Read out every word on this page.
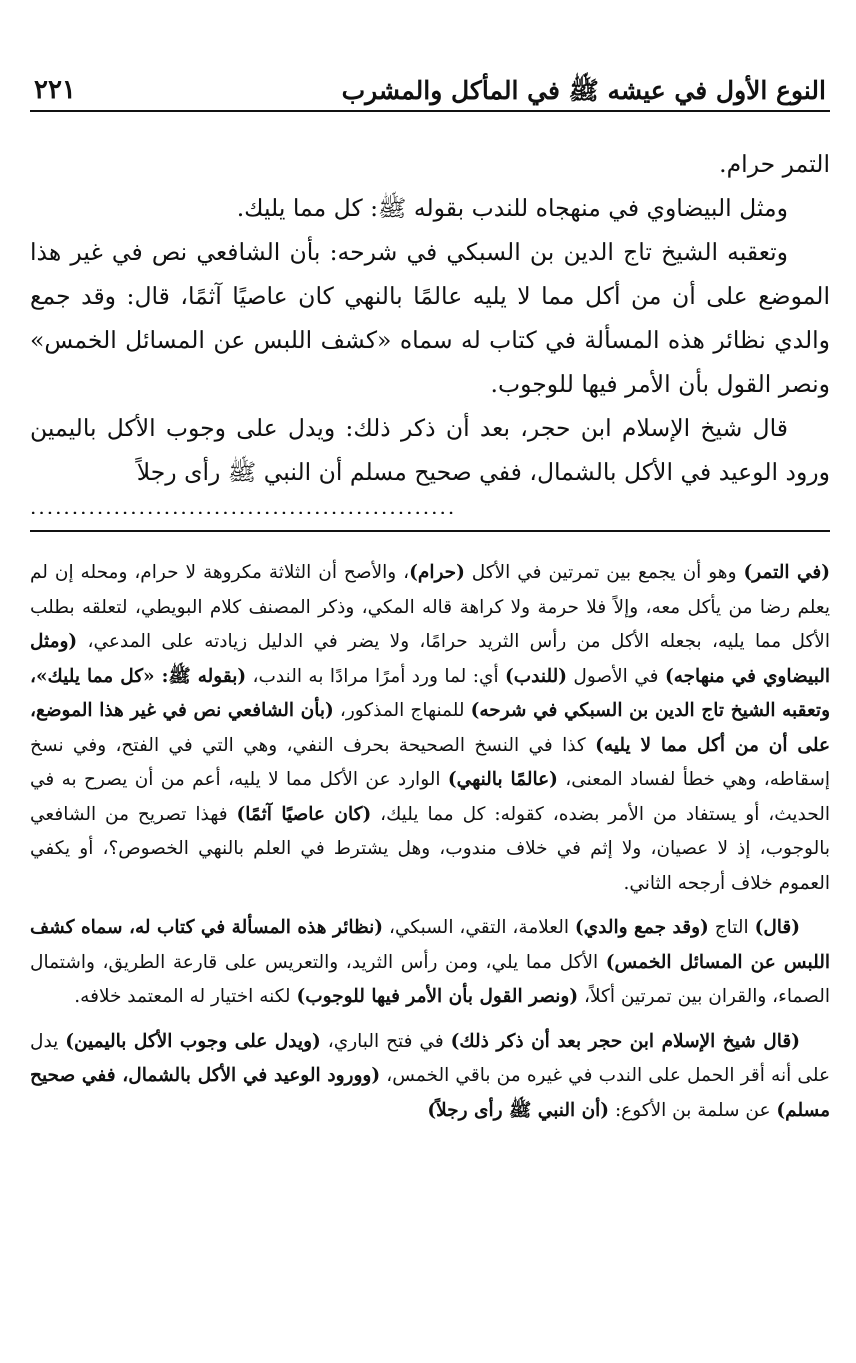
النوع الأول في عيشه ﷺ في المأكل والمشرب
٢٢١

التمر حرام.

ومثل البيضاوي في منهجاه للندب بقوله ﷺ: كل مما يليك.

وتعقبه الشيخ تاج الدين بن السبكي في شرحه: بأن الشافعي نص في غير هذا الموضع على أن من أكل مما لا يليه عالمًا بالنهي كان عاصيًا آثمًا، قال: وقد جمع والدي نظائر هذه المسألة في كتاب له سماه «كشف اللبس عن المسائل الخمس» ونصر القول بأن الأمر فيها للوجوب.

قال شيخ الإسلام ابن حجر، بعد أن ذكر ذلك: ويدل على وجوب الأكل باليمين ورود الوعيد في الأكل بالشمال، ففي صحيح مسلم أن النبي ﷺ رأى رجلاً

...................................................

(في التمر) وهو أن يجمع بين تمرتين في الأكل (حرام)، والأصح أن الثلاثة مكروهة لا حرام، ومحله إن لم يعلم رضا من يأكل معه، وإلاً فلا حرمة ولا كراهة قاله المكي، وذكر المصنف كلام البويطي، لتعلقه بطلب الأكل مما يليه، بجعله الأكل من رأس الثريد حرامًا، ولا يضر في الدليل زيادته على المدعي، (ومثل البيضاوي في منهاجه) في الأصول (للندب) أي: لما ورد أمرًا مرادًا به الندب، (بقوله ﷺ: «كل مما يليك»، وتعقبه الشيخ تاج الدين بن السبكي في شرحه) للمنهاج المذكور، (بأن الشافعي نص في غير هذا الموضع، على أن من أكل مما لا يليه) كذا في النسخ الصحيحة بحرف النفي، وهي التي في الفتح، وفي نسخ إسقاطه، وهي خطأ لفساد المعنى، (عالمًا بالنهي) الوارد عن الأكل مما لا يليه، أعم من أن يصرح به في الحديث، أو يستفاد من الأمر بضده، كقوله: كل مما يليك، (كان عاصيًا آثمًا) فهذا تصريح من الشافعي بالوجوب، إذ لا عصيان، ولا إثم في خلاف مندوب، وهل يشترط في العلم بالنهي الخصوص؟، أو يكفي العموم خلاف أرجحه الثاني.

(قال) التاج (وقد جمع والدي) العلامة، التقي، السبكي، (نظائر هذه المسألة في كتاب له، سماه كشف اللبس عن المسائل الخمس) الأكل مما يلي، ومن رأس الثريد، والتعريس على قارعة الطريق، واشتمال الصماء، والقران بين تمرتين أكلاً، (ونصر القول بأن الأمر فيها للوجوب) لكنه اختيار له المعتمد خلافه.

(قال شيخ الإسلام ابن حجر بعد أن ذكر ذلك) في فتح الباري، (ويدل على وجوب الأكل باليمين) يدل على أنه أقر الحمل على الندب في غيره من باقي الخمس، (وورود الوعيد في الأكل بالشمال، ففي صحيح مسلم) عن سلمة بن الأكوع: (أن النبي ﷺ رأى رجلاً)
